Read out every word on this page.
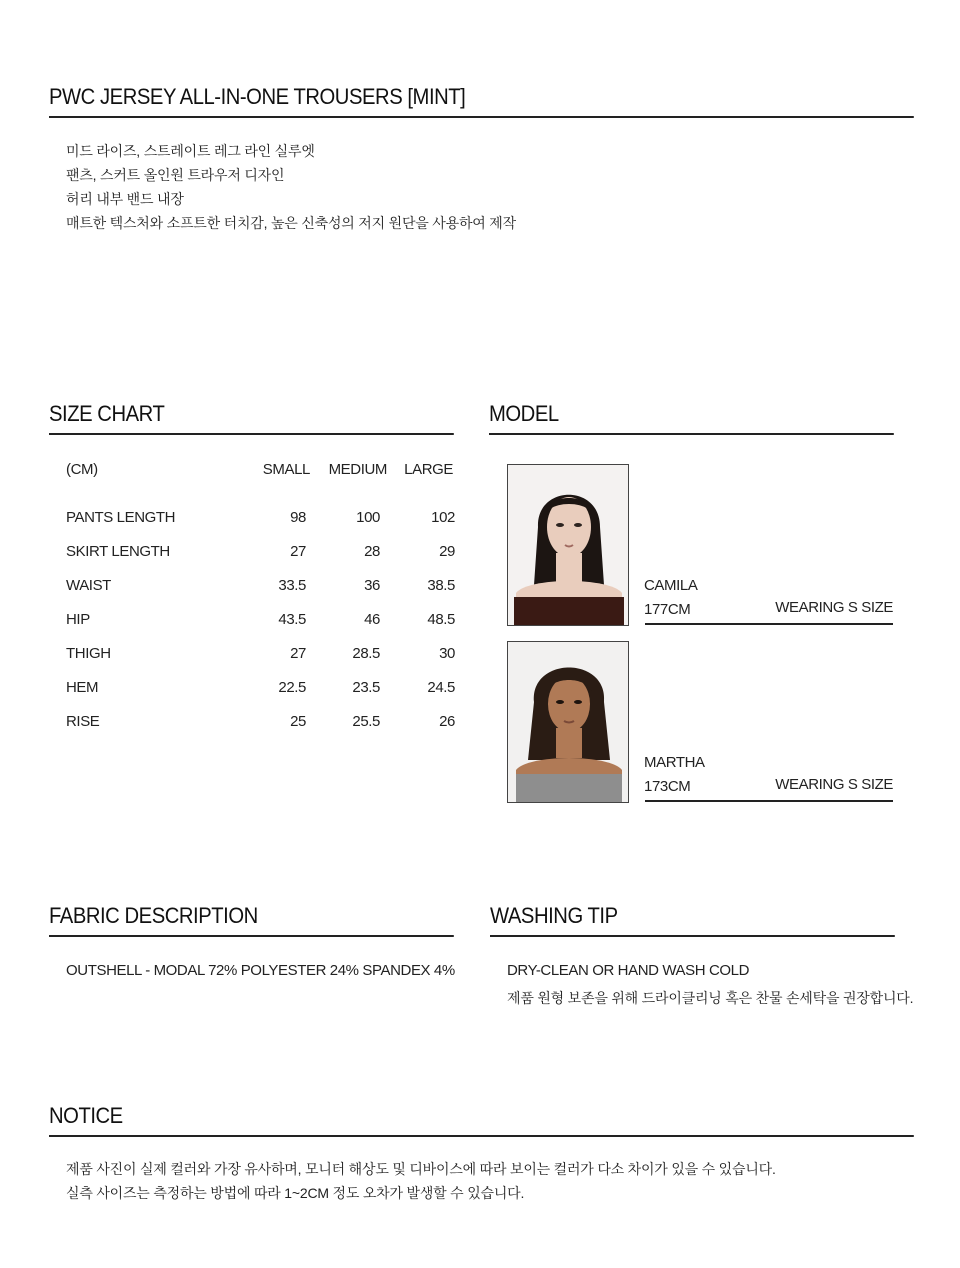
PWC JERSEY ALL-IN-ONE TROUSERS [MINT]
미드 라이즈, 스트레이트 레그 라인 실루엣
팬츠, 스커트 올인원 트라우저 디자인
허리 내부 밴드 내장
매트한 텍스처와 소프트한 터치감, 높은 신축성의 저지 원단을 사용하여 제작
SIZE CHART
(CM)	SMALL MEDIUM LARGE
PANTS LENGTH	98	100	102
SKIRT LENGTH	27	28	29
WAIST	33.5	36	38.5
HIP	43.5	46	48.5
THIGH	27	28.5	30
HEM	22.5	23.5	24.5
RISE	25	25.5	26
MODEL
CAMILA
177CM	WEARING S SIZE
MARTHA
173CM	WEARING S SIZE
FABRIC DESCRIPTION
OUTSHELL - MODAL 72% POLYESTER 24% SPANDEX 4%
WASHING TIP
DRY-CLEAN OR HAND WASH COLD
제품 원형 보존을 위해 드라이클리닝 혹은 찬물 손세탁을 권장합니다.
NOTICE
제품 사진이 실제 컬러와 가장 유사하며, 모니터 해상도 및 디바이스에 따라 보이는 컬러가 다소 차이가 있을 수 있습니다.
실측 사이즈는 측정하는 방법에 따라 1~2CM 정도 오차가 발생할 수 있습니다.
